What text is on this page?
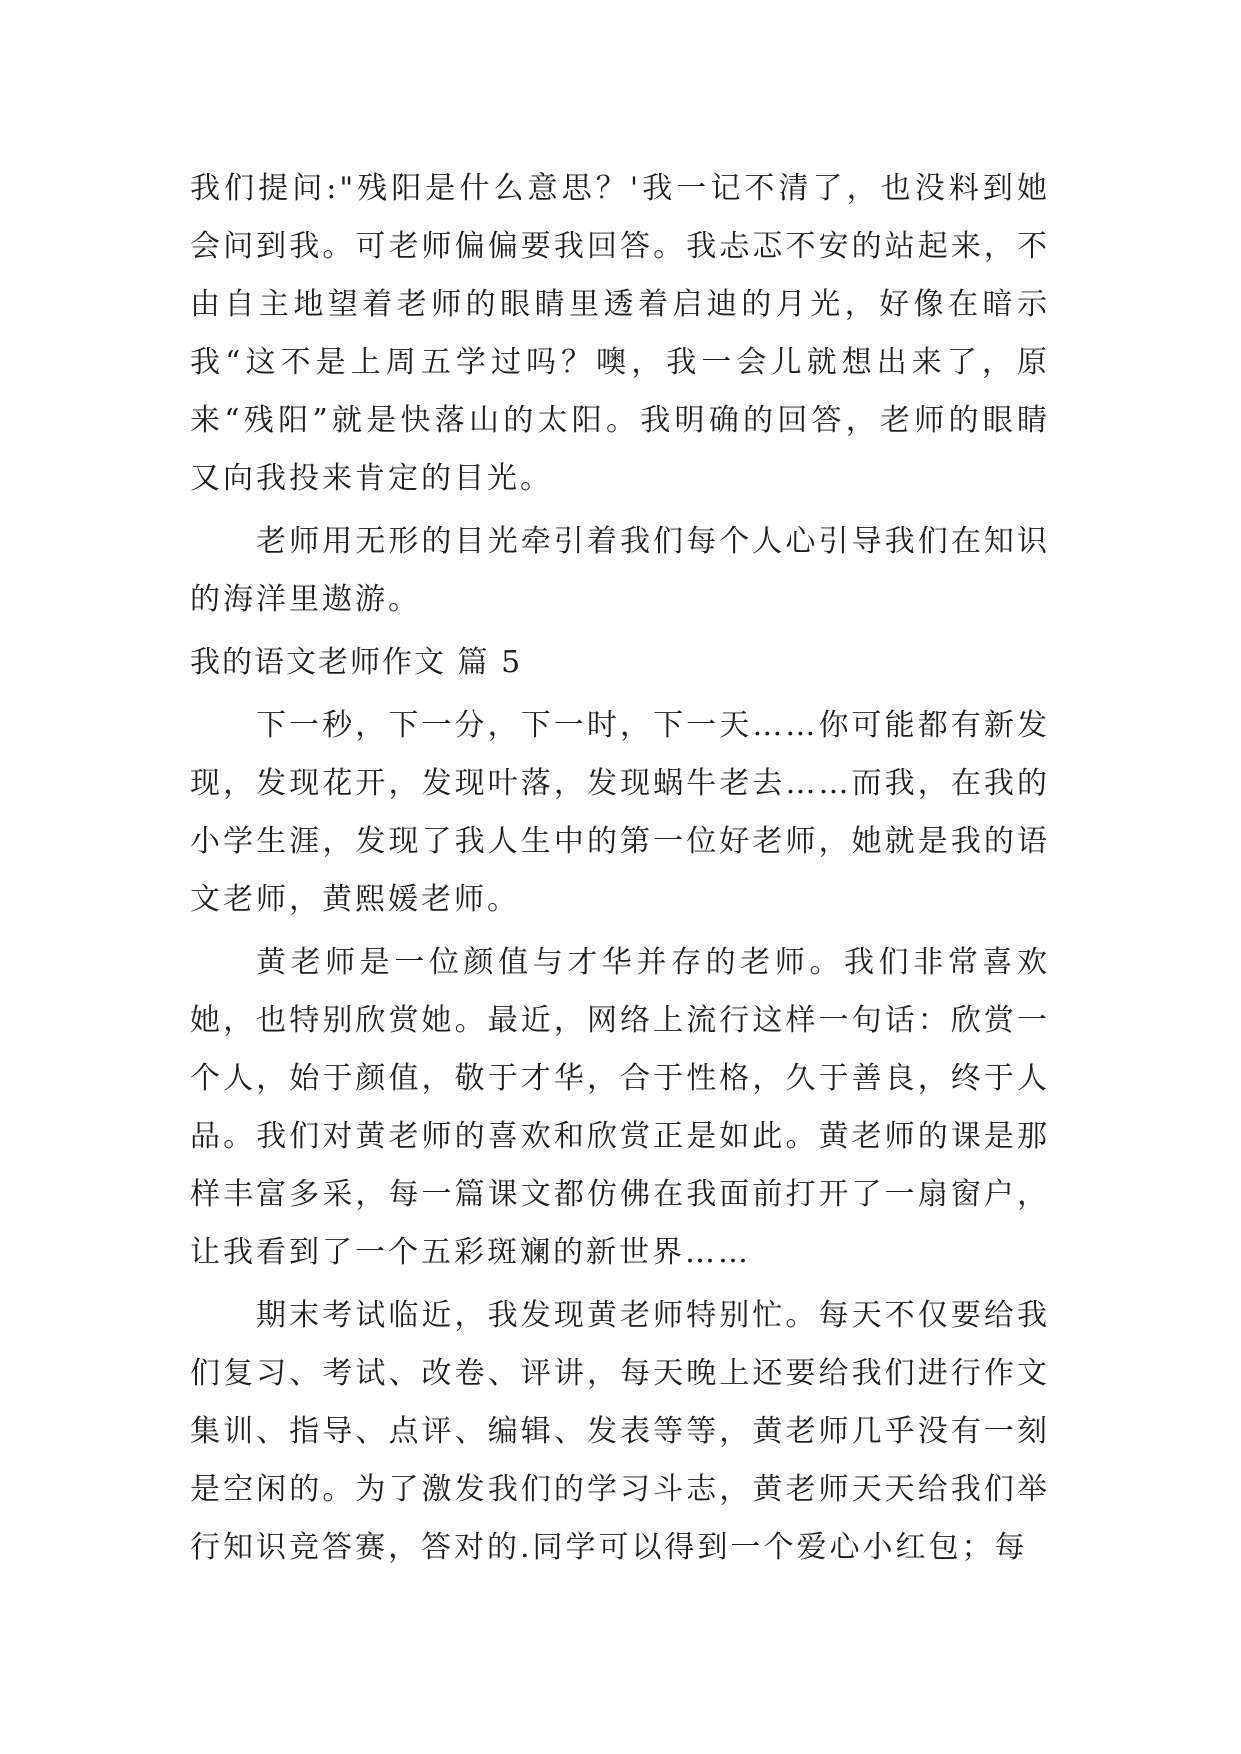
我们提问:"残阳是什么意思？'我一记不清了，也没料到她会问到我。可老师偏偏要我回答。我忐忑不安的站起来，不由自主地望着老师的眼睛里透着启迪的月光，好像在暗示我“这不是上周五学过吗？噢，我一会儿就想出来了，原来“残阳”就是快落山的太阳。我明确的回答，老师的眼睛又向我投来肯定的目光。

老师用无形的目光牵引着我们每个人心引导我们在知识的海洋里遨游。

我的语文老师作文 篇 5

下一秒，下一分，下一时，下一天……你可能都有新发现，发现花开，发现叶落，发现蜗牛老去……而我，在我的小学生涯，发现了我人生中的第一位好老师，她就是我的语文老师，黄熙媛老师。

黄老师是一位颜值与才华并存的老师。我们非常喜欢她，也特别欣赏她。最近，网络上流行这样一句话：欣赏一个人，始于颜值，敬于才华，合于性格，久于善良，终于人品。我们对黄老师的喜欢和欣赏正是如此。黄老师的课是那样丰富多采，每一篇课文都仿佛在我面前打开了一扇窗户，让我看到了一个五彩斑斓的新世界……

期末考试临近，我发现黄老师特别忙。每天不仅要给我们复习、考试、改卷、评讲，每天晚上还要给我们进行作文集训、指导、点评、编辑、发表等等，黄老师几乎没有一刻是空闲的。为了激发我们的学习斗志，黄老师天天给我们举行知识竞答赛，答对的.同学可以得到一个爱心小红包；每
